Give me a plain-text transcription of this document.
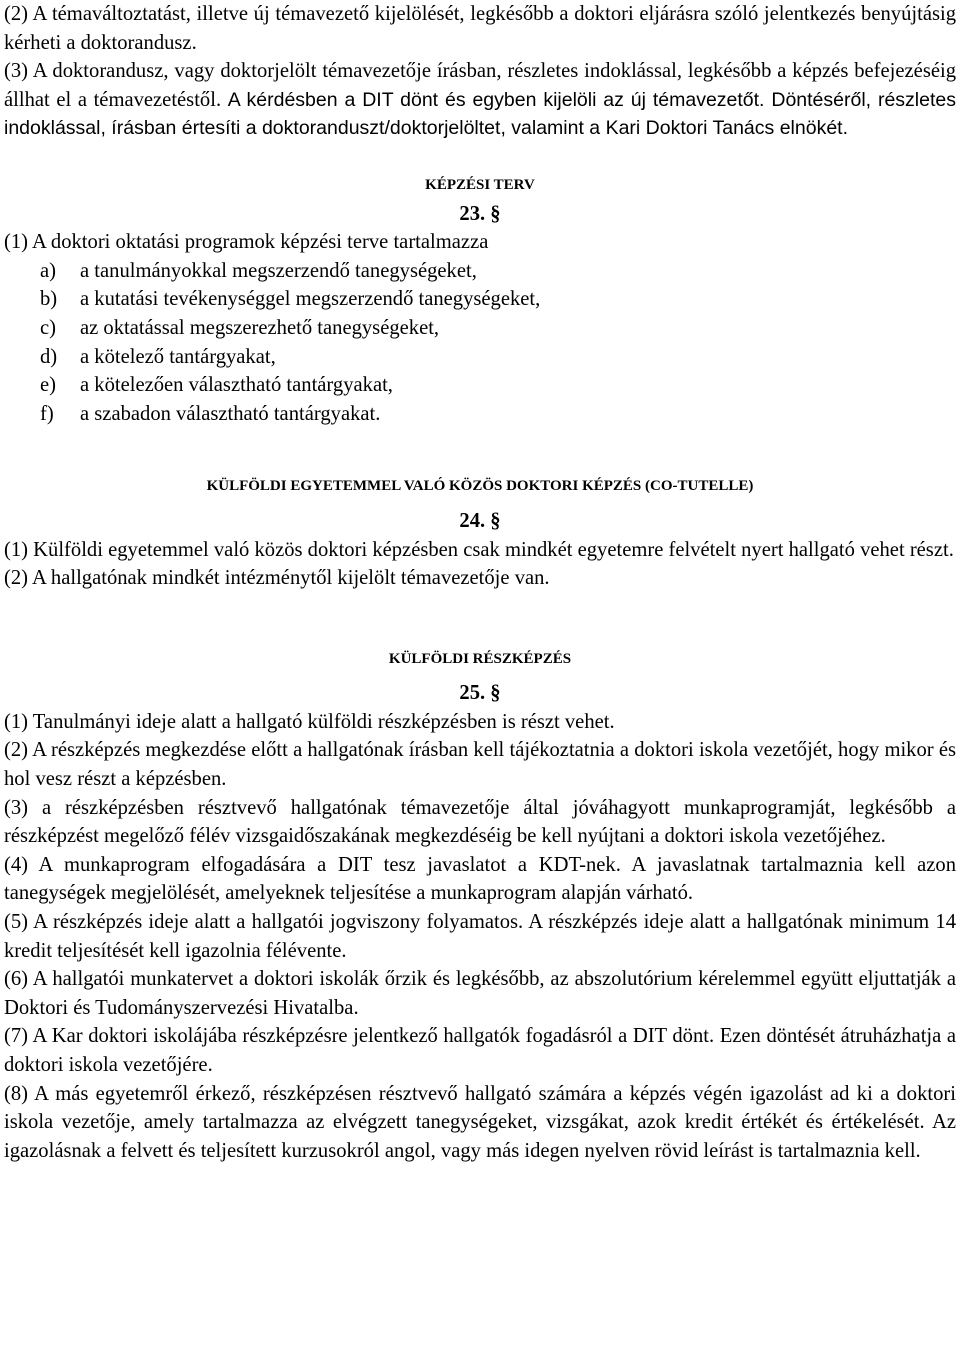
(2) A témaváltoztatást, illetve új témavezető kijelölését, legkésőbb a doktori eljárásra szóló jelentkezés benyújtásig kérheti a doktorandusz.

(3) A doktorandusz, vagy doktorjelölt témavezetője írásban, részletes indoklással, legkésőbb a képzés befejezéséig állhat el a témavezetéstől. A kérdésben a DIT dönt és egyben kijelöli az új témavezetőt. Döntéséről, részletes indoklással, írásban értesíti a doktoranduszt/doktorjelöltet, valamint a Kari Doktori Tanács elnökét.

KÉPZÉSI TERV

23. §

(1) A doktori oktatási programok képzési terve tartalmazza

a)	a tanulmányokkal megszerzendő tanegységeket,
b)	a kutatási tevékenységgel megszerzendő tanegységeket,
c)	az oktatással megszerezhető tanegységeket,
d)	a kötelező tantárgyakat,
e)	a kötelezően választható tantárgyakat,
f)	a szabadon választható tantárgyakat.

KÜLFÖLDI EGYETEMMEL VALÓ KÖZÖS DOKTORI KÉPZÉS (CO-TUTELLE)

24. §

(1) Külföldi egyetemmel való közös doktori képzésben csak mindkét egyetemre felvételt nyert hallgató vehet részt.

(2) A hallgatónak mindkét intézménytől kijelölt témavezetője van.

KÜLFÖLDI RÉSZKÉPZÉS

25. §

(1) Tanulmányi ideje alatt a hallgató külföldi részképzésben is részt vehet.

(2) A részképzés megkezdése előtt a hallgatónak írásban kell tájékoztatnia a doktori iskola vezetőjét, hogy mikor és hol vesz részt a képzésben.

(3) a részképzésben résztvevő hallgatónak témavezetője által jóváhagyott munkaprogramját, legkésőbb a részképzést megelőző félév vizsgaidőszakának megkezdéséig be kell nyújtani a doktori iskola vezetőjéhez.

(4) A munkaprogram elfogadására a DIT tesz javaslatot a KDT-nek. A javaslatnak tartalmaznia kell azon tanegységek megjelölését, amelyeknek teljesítése a munkaprogram alapján várható.

(5) A részképzés ideje alatt a hallgatói jogviszony folyamatos. A részképzés ideje alatt a hallgatónak minimum 14 kredit teljesítését kell igazolnia félévente.

(6) A hallgatói munkatervet a doktori iskolák őrzik és legkésőbb, az abszolutórium kérelemmel együtt eljuttatják a Doktori és Tudományszervezési Hivatalba.

(7) A Kar doktori iskolájába részképzésre jelentkező hallgatók fogadásról a DIT dönt. Ezen döntését átruházhatja a doktori iskola vezetőjére.

(8) A más egyetemről érkező, részképzésen résztvevő hallgató számára a képzés végén igazolást ad ki a doktori iskola vezetője, amely tartalmazza az elvégzett tanegységeket, vizsgákat, azok kredit értékét és értékelését. Az igazolásnak a felvett és teljesített kurzusokról angol, vagy más idegen nyelven rövid leírást is tartalmaznia kell.
